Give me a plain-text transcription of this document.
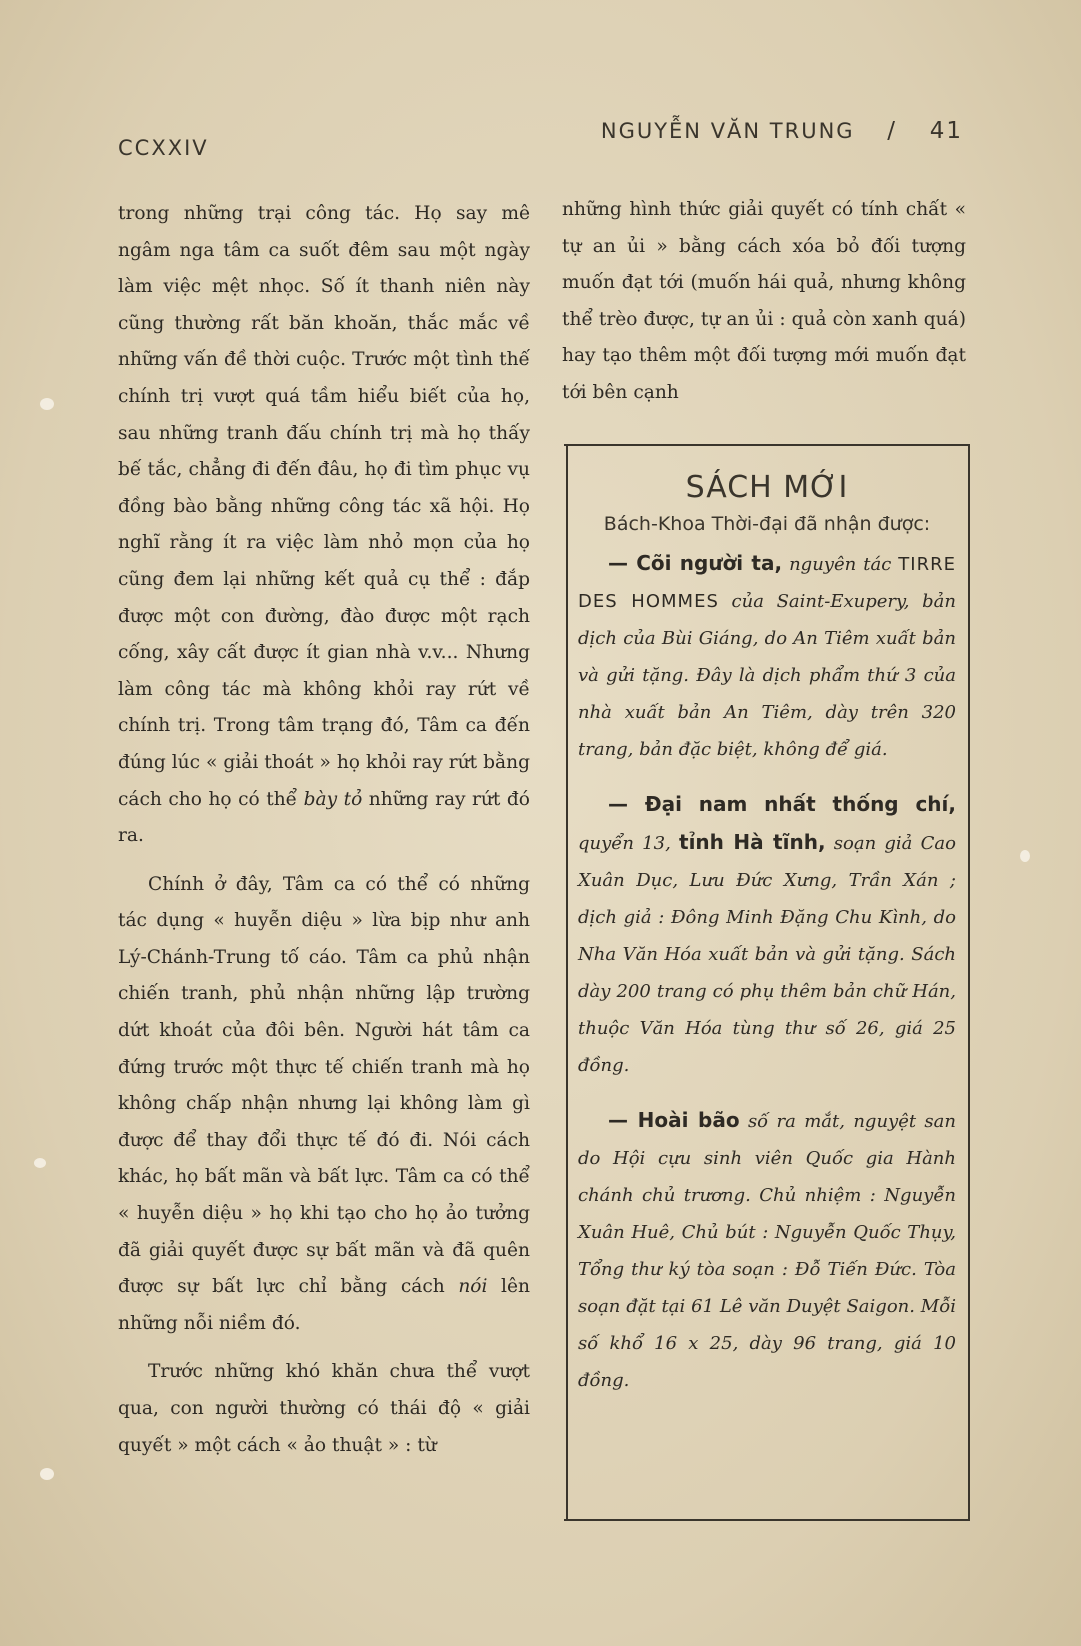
CCXXIV
NGUYỄN VĂN TRUNG / 41

trong những trại công tác. Họ say mê ngâm nga tâm ca suốt đêm sau một ngày làm việc mệt nhọc. Số ít thanh niên này cũng thường rất băn khoăn, thắc mắc về những vấn đề thời cuộc. Trước một tình thế chính trị vượt quá tầm hiểu biết của họ, sau những tranh đấu chính trị mà họ thấy bế tắc, chẳng đi đến đâu, họ đi tìm phục vụ đồng bào bằng những công tác xã hội. Họ nghĩ rằng ít ra việc làm nhỏ mọn của họ cũng đem lại những kết quả cụ thể : đắp được một con đường, đào được một rạch cống, xây cất được ít gian nhà v.v... Nhưng làm công tác mà không khỏi ray rứt về chính trị. Trong tâm trạng đó, Tâm ca đến đúng lúc « giải thoát » họ khỏi ray rứt bằng cách cho họ có thể bày tỏ những ray rứt đó ra.

Chính ở đây, Tâm ca có thể có những tác dụng « huyễn diệu » lừa bịp như anh Lý-Chánh-Trung tố cáo. Tâm ca phủ nhận chiến tranh, phủ nhận những lập trường dứt khoát của đôi bên. Người hát tâm ca đứng trước một thực tế chiến tranh mà họ không chấp nhận nhưng lại không làm gì được để thay đổi thực tế đó đi. Nói cách khác, họ bất mãn và bất lực. Tâm ca có thể « huyễn diệu » họ khi tạo cho họ ảo tưởng đã giải quyết được sự bất mãn và đã quên được sự bất lực chỉ bằng cách nói lên những nỗi niềm đó.

Trước những khó khăn chưa thể vượt qua, con người thường có thái độ « giải quyết » một cách « ảo thuật » : từ

những hình thức giải quyết có tính chất « tự an ủi » bằng cách xóa bỏ đối tượng muốn đạt tới (muốn hái quả, nhưng không thể trèo được, tự an ủi : quả còn xanh quá) hay tạo thêm một đối tượng mới muốn đạt tới bên cạnh
SÁCH MỚI
Bách-Khoa Thời-đại đã nhận được:

— Cõi người ta, nguyên tác TIRRE DES HOMMES của Saint-Exupery, bản dịch của Bùi Giáng, do An Tiêm xuất bản và gửi tặng. Đây là dịch phẩm thứ 3 của nhà xuất bản An Tiêm, dày trên 320 trang, bản đặc biệt, không để giá.

— Đại nam nhất thống chí, quyển 13, tỉnh Hà tĩnh, soạn giả Cao Xuân Dục, Lưu Đức Xưng, Trần Xán ; dịch giả : Đông Minh Đặng Chu Kình, do Nha Văn Hóa xuất bản và gửi tặng. Sách dày 200 trang có phụ thêm bản chữ Hán, thuộc Văn Hóa tùng thư số 26, giá 25 đồng.

— Hoài bão số ra mắt, nguyệt san do Hội cựu sinh viên Quốc gia Hành chánh chủ trương. Chủ nhiệm : Nguyễn Xuân Huê, Chủ bút : Nguyễn Quốc Thụy, Tổng thư ký tòa soạn : Đỗ Tiến Đức. Tòa soạn đặt tại 61 Lê văn Duyệt Saigon. Mỗi số khổ 16 x 25, dày 96 trang, giá 10 đồng.
